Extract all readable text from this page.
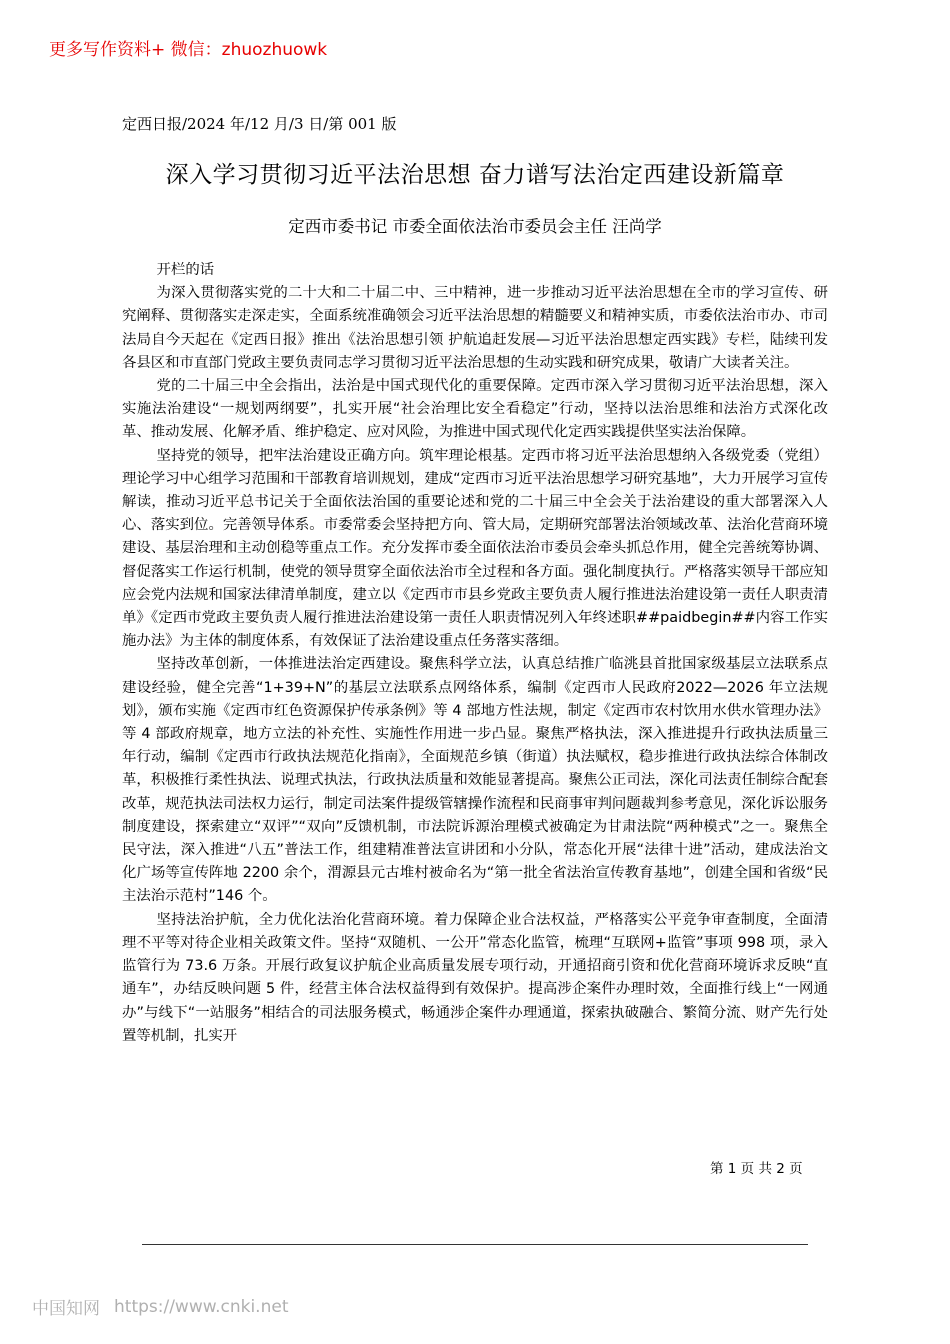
更多写作资料+ 微信：zhuozhuowk
定西日报/2024 年/12 月/3 日/第 001 版
深入学习贯彻习近平法治思想 奋力谱写法治定西建设新篇章
定西市委书记 市委全面依法治市委员会主任 汪尚学

开栏的话

为深入贯彻落实党的二十大和二十届二中、三中精神，进一步推动习近平法治思想在全市的学习宣传、研究阐释、贯彻落实走深走实，全面系统准确领会习近平法治思想的精髓要义和精神实质，市委依法治市办、市司法局自今天起在《定西日报》推出《法治思想引领 护航追赶发展—习近平法治思想定西实践》专栏，陆续刊发各县区和市直部门党政主要负责同志学习贯彻习近平法治思想的生动实践和研究成果，敬请广大读者关注。

党的二十届三中全会指出，法治是中国式现代化的重要保障。定西市深入学习贯彻习近平法治思想，深入实施法治建设“一规划两纲要”，扎实开展“社会治理比安全看稳定”行动，坚持以法治思维和法治方式深化改革、推动发展、化解矛盾、维护稳定、应对风险，为推进中国式现代化定西实践提供坚实法治保障。

坚持党的领导，把牢法治建设正确方向。筑牢理论根基。定西市将习近平法治思想纳入各级党委（党组）理论学习中心组学习范围和干部教育培训规划，建成“定西市习近平法治思想学习研究基地”，大力开展学习宣传解读，推动习近平总书记关于全面依法治国的重要论述和党的二十届三中全会关于法治建设的重大部署深入人心、落实到位。完善领导体系。市委常委会坚持把方向、管大局，定期研究部署法治领域改革、法治化营商环境建设、基层治理和主动创稳等重点工作。充分发挥市委全面依法治市委员会牵头抓总作用，健全完善统筹协调、督促落实工作运行机制，使党的领导贯穿全面依法治市全过程和各方面。强化制度执行。严格落实领导干部应知应会党内法规和国家法律清单制度，建立以《定西市市县乡党政主要负责人履行推进法治建设第一责任人职责清单》《定西市党政主要负责人履行推进法治建设第一责任人职责情况列入年终述职##paidbegin##内容工作实施办法》为主体的制度体系，有效保证了法治建设重点任务落实落细。

坚持改革创新，一体推进法治定西建设。聚焦科学立法，认真总结推广临洮县首批国家级基层立法联系点建设经验，健全完善“1+39+N”的基层立法联系点网络体系，编制《定西市人民政府2022—2026 年立法规划》，颁布实施《定西市红色资源保护传承条例》等 4 部地方性法规，制定《定西市农村饮用水供水管理办法》等 4 部政府规章，地方立法的补充性、实施性作用进一步凸显。聚焦严格执法，深入推进提升行政执法质量三年行动，编制《定西市行政执法规范化指南》，全面规范乡镇（街道）执法赋权，稳步推进行政执法综合体制改革，积极推行柔性执法、说理式执法，行政执法质量和效能显著提高。聚焦公正司法，深化司法责任制综合配套改革，规范执法司法权力运行，制定司法案件提级管辖操作流程和民商事审判问题裁判参考意见，深化诉讼服务制度建设，探索建立“双评”“双向”反馈机制，市法院诉源治理模式被确定为甘肃法院“两种模式”之一。聚焦全民守法，深入推进“八五”普法工作，组建精准普法宣讲团和小分队，常态化开展“法律十进”活动，建成法治文化广场等宣传阵地 2200 余个，渭源县元古堆村被命名为“第一批全省法治宣传教育基地”，创建全国和省级“民主法治示范村”146 个。

坚持法治护航，全力优化法治化营商环境。着力保障企业合法权益，严格落实公平竞争审查制度，全面清理不平等对待企业相关政策文件。坚持“双随机、一公开”常态化监管，梳理“互联网+监管”事项 998 项，录入监管行为 73.6 万条。开展行政复议护航企业高质量发展专项行动，开通招商引资和优化营商环境诉求反映“直通车”，办结反映问题 5 件，经营主体合法权益得到有效保护。提高涉企案件办理时效，全面推行线上“一网通办”与线下“一站服务”相结合的司法服务模式，畅通涉企案件办理通道，探索执破融合、繁简分流、财产先行处置等机制，扎实开

第 1 页 共 2 页
中国知网 https://www.cnki.net
